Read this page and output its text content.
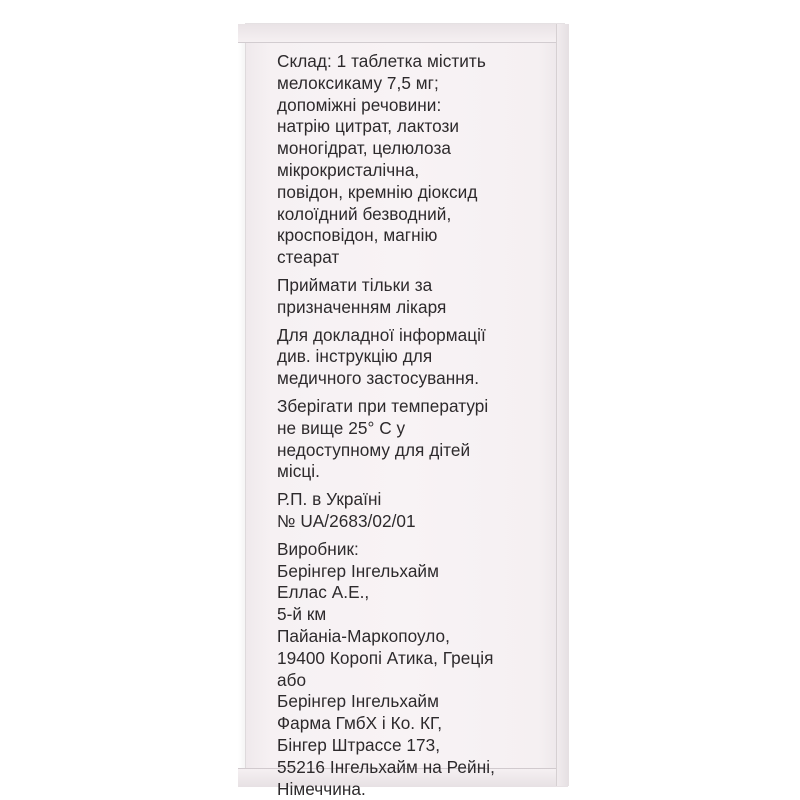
Склад: 1 таблетка містить
мелоксикаму 7,5 мг;
допоміжні речовини:
натрію цитрат, лактози
моногідрат, целюлоза
мікрокристалічна,
повідон, кремнію діоксид
колоїдний безводний,
кросповідон, магнію
стеарат
Приймати тільки за
призначенням лікаря
Для докладної інформації
див. інструкцію для
медичного застосування.
Зберігати при температурі
не вище 25° С у
недоступному для дітей
місці.
Р.П. в Україні
№ UA/2683/02/01
Виробник:
Берінгер Інгельхайм
Еллас А.Е.,
5-й км
Пайаніа-Маркопоуло,
19400 Коропі Атика, Греція
або
Берінгер Інгельхайм
Фарма ГмбХ і Ко. КГ,
Бінгер Штрассе 173,
55216 Інгельхайм на Рейні,
Німеччина.
